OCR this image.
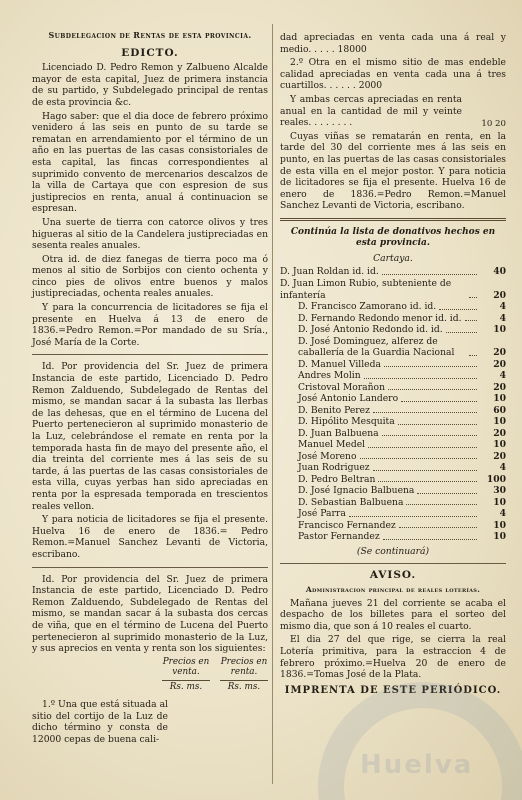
Subdelegacion de Rentas de esta provincia.
EDICTO.

Licenciado D. Pedro Remon y Zalbueno Alcalde mayor de esta capital, Juez de primera instancia de su partido, y Subdelegado principal de rentas de esta provincia &c.

Hago saber: que el dia doce de febrero próximo venidero á las seis en punto de su tarde se rematan en arrendamiento por el término de un año en las puertas de las casas consistoriales de esta capital, las fincas correspondientes al suprimido convento de mercenarios descalzos de la villa de Cartaya que con espresion de sus justiprecios en renta, anual á continuacion se espresan.

Una suerte de tierra con catorce olivos y tres higueras al sitio de la Candelera justipreciadas en sesenta reales anuales.

Otra id. de diez fanegas de tierra poco ma ó menos al sitio de Sorbijos con ciento ochenta y cinco pies de olivos entre buenos y malos justipreciadas, ochenta reales anuales.

Y para la concurrencia de licitadores se fija el presente en Huelva á 13 de enero de 1836.=Pedro Remon.=Por mandado de su Sría., José María de la Corte.

Id. Por providencia del Sr. Juez de primera Instancia de este partido, Licenciado D. Pedro Remon Zalduendo, Subdelegado de Rentas del mismo, se mandan sacar á la subasta las llerbas de las dehesas, que en el término de Lucena del Puerto pertenecieron al suprimido monasterio de la Luz, celebrándose el remate en renta por la temporada hasta fin de mayo del presente año, el dia treinta del corriente mes á las seis de su tarde, á las puertas de las casas consistoriales de esta villa, cuyas yerbas han sido apreciadas en renta por la espresada temporada en trescientos reales vellon.

Y para noticia de licitadores se fija el presente. Huelva 16 de enero de 1836.= Pedro Remon.=Manuel Sanchez Levanti de Victoria, escribano.

Id. Por providencia del Sr. Juez de primera Instancia de este partido, Licenciado D. Pedro Remon Zalduendo, Subdelegado de Rentas del mismo, se mandan sacar á la subasta dos cercas de viña, que en el término de Lucena del Puerto pertenecieron al suprimido monasterio de la Luz, y sus aprecios en venta y renta son los siguientes:

Precios en venta.
Precios en renta.
Rs. ms.	Rs. ms.

1.º Una que está situada al sitio del cortijo de la Luz de dicho término y consta de 12000 cepas de buena cali-

dad apreciadas en venta cada una á real y medio. . . . . 18000

2.º Otra en el mismo sitio de mas endeble calidad apreciadas en venta cada una á tres cuartillos. . . . . . 2000

Y ambas cercas apreciadas en renta anual en la cantidad de mil y veinte reales. . . . . . . .	10 20

Cuyas viñas se rematarán en renta, en la tarde del 30 del corriente mes á las seis en punto, en las puertas de las casas consistoriales de esta villa en el mejor postor. Y para noticia de licitadores se fija el presente. Huelva 16 de enero de 1836.=Pedro Remon.=Manuel Sanchez Levanti de Victoria, escribano.

Continúa la lista de donativos hechos en esta provincia.
Cartaya.
D. Juan Roldan id. id.	40
D. Juan Limon Rubio, subteniente de infantería	20
D. Francisco Zamorano id. id.	4
D. Fernando Redondo menor id. id.	4
D. José Antonio Redondo id. id.	10
D. José Dominguez, alferez de caballería de la Guardia Nacional	20
D. Manuel Villeda	20
Andres Molin	4
Cristoval Morañon	20
José Antonio Landero	10
D. Benito Perez	60
D. Hipólito Mesquita	10
D. Juan Balbuena	20
Manuel Medel	10
José Moreno	20
Juan Rodriguez	4
D. Pedro Beltran	100
D. José Ignacio Balbuena	30
D. Sebastian Balbuena	10
José Parra	4
Francisco Fernandez	10
Pastor Fernandez	10
(Se continuará)
AVISO.
Administracion principal de reales loterías.

Mañana jueves 21 del corriente se acaba el despacho de los billetes para el sorteo del mismo dia, que son á 10 reales el cuarto.

El dia 27 del que rige, se cierra la real Lotería primitiva, para la estraccion 4 de febrero próximo.=Huelva 20 de enero de 1836.=Tomas José de la Plata.

IMPRENTA DE ESTE PERIÓDICO.
Huelva
